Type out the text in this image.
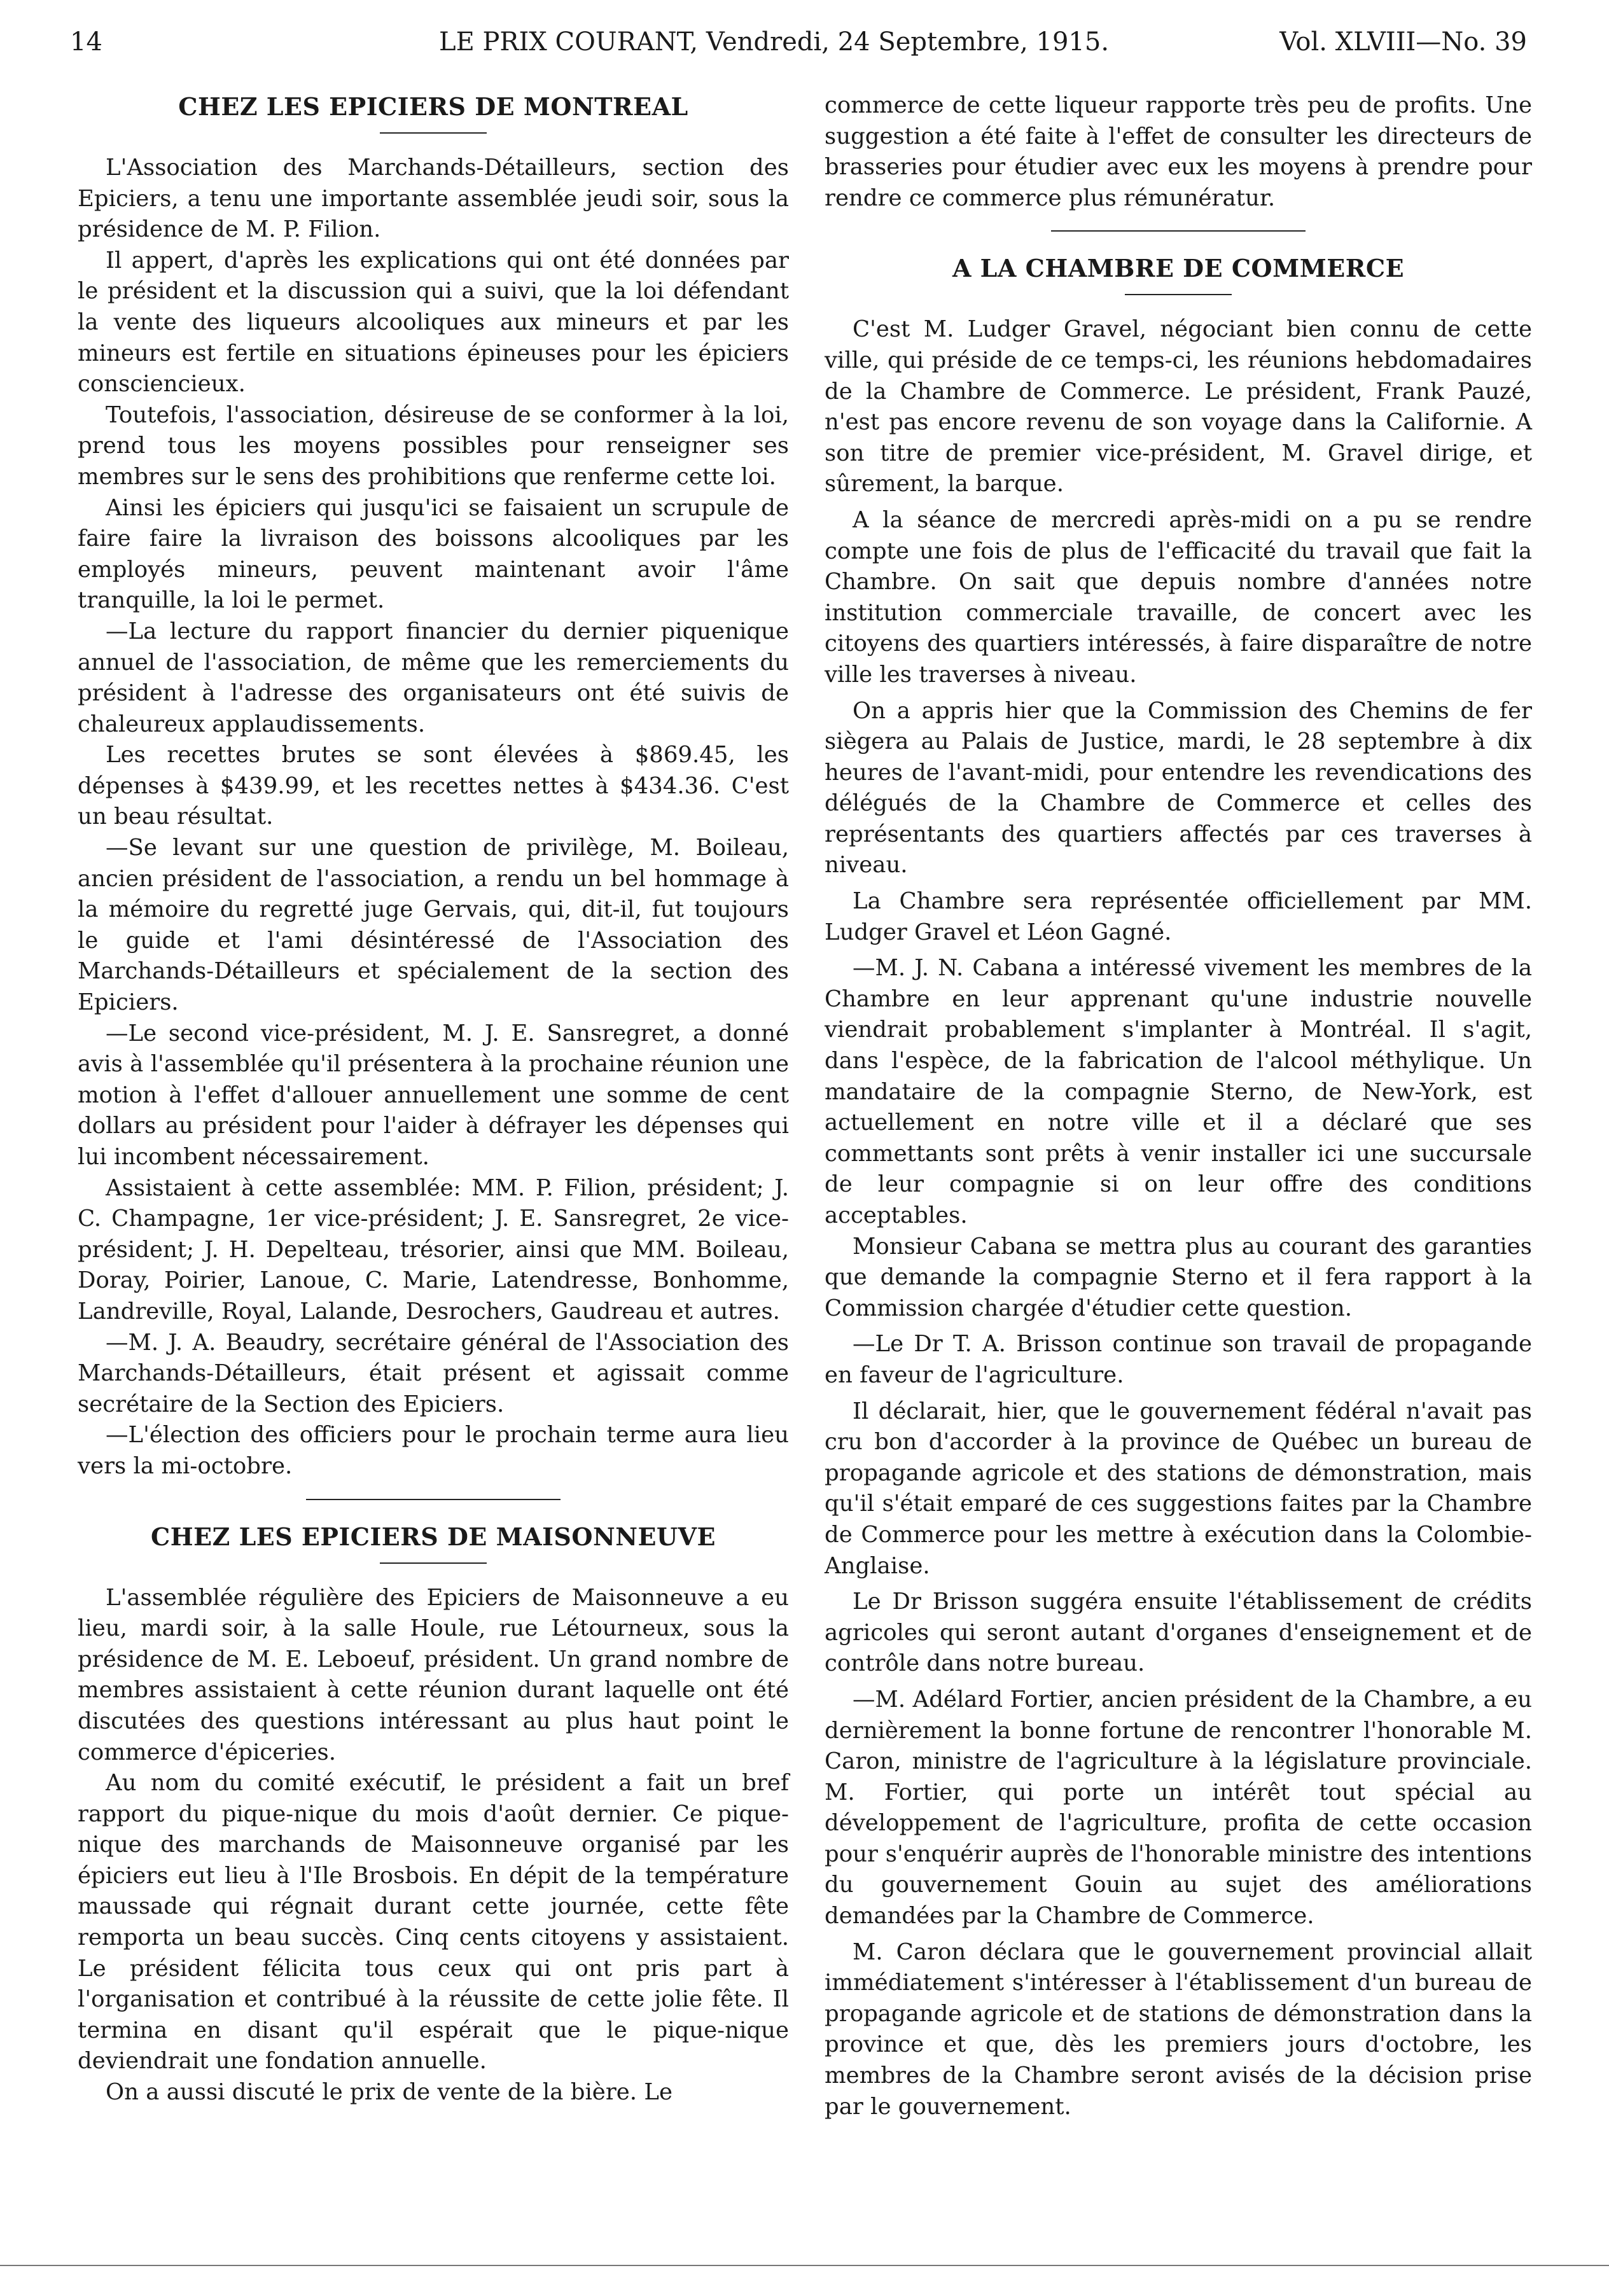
14	LE PRIX COURANT, Vendredi, 24 Septembre, 1915.	Vol. XLVIII—No. 39
CHEZ LES EPICIERS DE MONTREAL

L'Association des Marchands-Détailleurs, section des Epiciers, a tenu une importante assemblée jeudi soir, sous la présidence de M. P. Filion.

Il appert, d'après les explications qui ont été données par le président et la discussion qui a suivi, que la loi défendant la vente des liqueurs alcooliques aux mineurs et par les mineurs est fertile en situations épineuses pour les épiciers consciencieux.

Toutefois, l'association, désireuse de se conformer à la loi, prend tous les moyens possibles pour renseigner ses membres sur le sens des prohibitions que renferme cette loi.

Ainsi les épiciers qui jusqu'ici se faisaient un scrupule de faire faire la livraison des boissons alcooliques par les employés mineurs, peuvent maintenant avoir l'âme tranquille, la loi le permet.

—La lecture du rapport financier du dernier piquenique annuel de l'association, de même que les remerciements du président à l'adresse des organisateurs ont été suivis de chaleureux applaudissements.

Les recettes brutes se sont élevées à $869.45, les dépenses à $439.99, et les recettes nettes à $434.36. C'est un beau résultat.

—Se levant sur une question de privilège, M. Boileau, ancien président de l'association, a rendu un bel hommage à la mémoire du regretté juge Gervais, qui, dit-il, fut toujours le guide et l'ami désintéressé de l'Association des Marchands-Détailleurs et spécialement de la section des Epiciers.

—Le second vice-président, M. J. E. Sansregret, a donné avis à l'assemblée qu'il présentera à la prochaine réunion une motion à l'effet d'allouer annuellement une somme de cent dollars au président pour l'aider à défrayer les dépenses qui lui incombent nécessairement.

Assistaient à cette assemblée: MM. P. Filion, président; J. C. Champagne, 1er vice-président; J. E. Sansregret, 2e vice-président; J. H. Depelteau, trésorier, ainsi que MM. Boileau, Doray, Poirier, Lanoue, C. Marie, Latendresse, Bonhomme, Landreville, Royal, Lalande, Desrochers, Gaudreau et autres.

—M. J. A. Beaudry, secrétaire général de l'Association des Marchands-Détailleurs, était présent et agissait comme secrétaire de la Section des Epiciers.

—L'élection des officiers pour le prochain terme aura lieu vers la mi-octobre.

CHEZ LES EPICIERS DE MAISONNEUVE

L'assemblée régulière des Epiciers de Maisonneuve a eu lieu, mardi soir, à la salle Houle, rue Létourneux, sous la présidence de M. E. Leboeuf, président. Un grand nombre de membres assistaient à cette réunion durant laquelle ont été discutées des questions intéressant au plus haut point le commerce d'épiceries.

Au nom du comité exécutif, le président a fait un bref rapport du pique-nique du mois d'août dernier. Ce pique-nique des marchands de Maisonneuve organisé par les épiciers eut lieu à l'Ile Brosbois. En dépit de la température maussade qui régnait durant cette journée, cette fête remporta un beau succès. Cinq cents citoyens y assistaient. Le président félicita tous ceux qui ont pris part à l'organisation et contribué à la réussite de cette jolie fête. Il termina en disant qu'il espérait que le pique-nique deviendrait une fondation annuelle.

On a aussi discuté le prix de vente de la bière. Le

commerce de cette liqueur rapporte très peu de profits. Une suggestion a été faite à l'effet de consulter les directeurs de brasseries pour étudier avec eux les moyens à prendre pour rendre ce commerce plus rémunératur.

A LA CHAMBRE DE COMMERCE

C'est M. Ludger Gravel, négociant bien connu de cette ville, qui préside de ce temps-ci, les réunions hebdomadaires de la Chambre de Commerce. Le président, Frank Pauzé, n'est pas encore revenu de son voyage dans la Californie. A son titre de premier vice-président, M. Gravel dirige, et sûrement, la barque.

A la séance de mercredi après-midi on a pu se rendre compte une fois de plus de l'efficacité du travail que fait la Chambre. On sait que depuis nombre d'années notre institution commerciale travaille, de concert avec les citoyens des quartiers intéressés, à faire disparaître de notre ville les traverses à niveau.

On a appris hier que la Commission des Chemins de fer siègera au Palais de Justice, mardi, le 28 septembre à dix heures de l'avant-midi, pour entendre les revendications des délégués de la Chambre de Commerce et celles des représentants des quartiers affectés par ces traverses à niveau.

La Chambre sera représentée officiellement par MM. Ludger Gravel et Léon Gagné.

—M. J. N. Cabana a intéressé vivement les membres de la Chambre en leur apprenant qu'une industrie nouvelle viendrait probablement s'implanter à Montréal. Il s'agit, dans l'espèce, de la fabrication de l'alcool méthylique. Un mandataire de la compagnie Sterno, de New-York, est actuellement en notre ville et il a déclaré que ses commettants sont prêts à venir installer ici une succursale de leur compagnie si on leur offre des conditions acceptables.

Monsieur Cabana se mettra plus au courant des garanties que demande la compagnie Sterno et il fera rapport à la Commission chargée d'étudier cette question.

—Le Dr T. A. Brisson continue son travail de propagande en faveur de l'agriculture.

Il déclarait, hier, que le gouvernement fédéral n'avait pas cru bon d'accorder à la province de Québec un bureau de propagande agricole et des stations de démonstration, mais qu'il s'était emparé de ces suggestions faites par la Chambre de Commerce pour les mettre à exécution dans la Colombie-Anglaise.

Le Dr Brisson suggéra ensuite l'établissement de crédits agricoles qui seront autant d'organes d'enseignement et de contrôle dans notre bureau.

—M. Adélard Fortier, ancien président de la Chambre, a eu dernièrement la bonne fortune de rencontrer l'honorable M. Caron, ministre de l'agriculture à la législature provinciale. M. Fortier, qui porte un intérêt tout spécial au développement de l'agriculture, profita de cette occasion pour s'enquérir auprès de l'honorable ministre des intentions du gouvernement Gouin au sujet des améliorations demandées par la Chambre de Commerce.

M. Caron déclara que le gouvernement provincial allait immédiatement s'intéresser à l'établissement d'un bureau de propagande agricole et de stations de démonstration dans la province et que, dès les premiers jours d'octobre, les membres de la Chambre seront avisés de la décision prise par le gouvernement.
